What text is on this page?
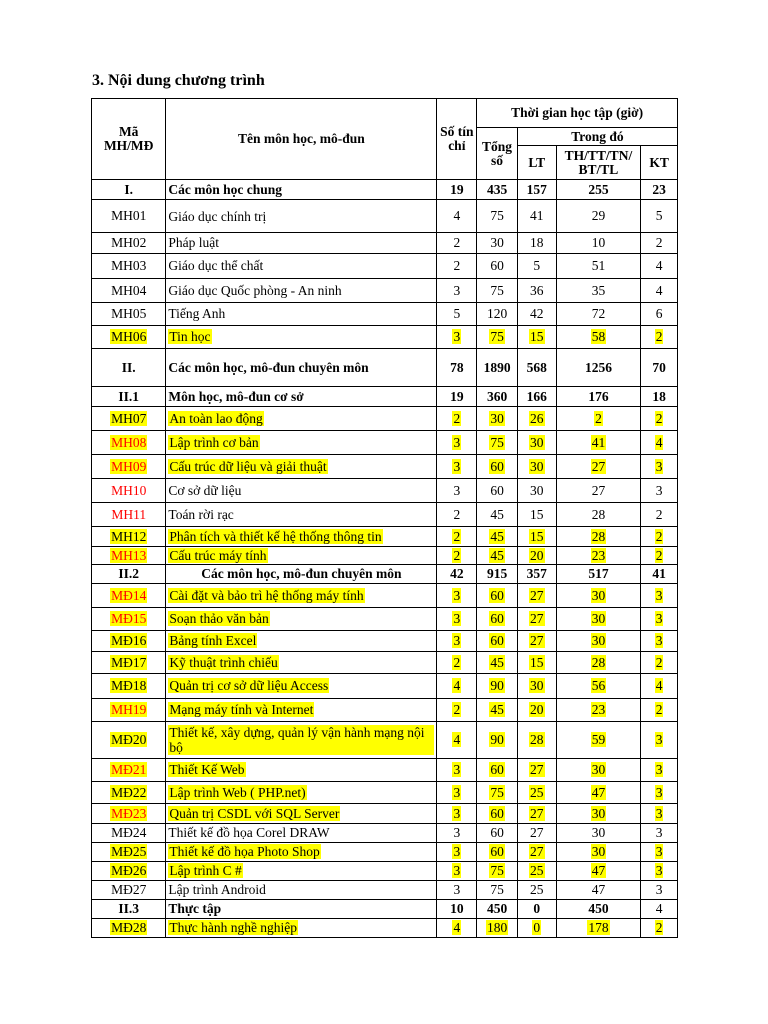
3. Nội dung chương trình
Mã MH/MĐ	Tên môn học, mô-đun	Số tín chỉ	Thời gian học tập (giờ)			
			Tổng số	Trong đó		
				LT	TH/TT/TN/ BT/TL	KT
I.	Các môn học chung	19	435	157	255	23
MH01	Giáo dục chính trị	4	75	41	29	5
MH02	Pháp luật	2	30	18	10	2
MH03	Giáo dục thể chất	2	60	5	51	4
MH04	Giáo dục Quốc phòng - An ninh	3	75	36	35	4
MH05	Tiếng Anh	5	120	42	72	6
MH06	Tin học	3	75	15	58	2
II.	Các môn học, mô-đun chuyên môn	78	1890	568	1256	70
II.1	Môn học, mô-đun cơ sở	19	360	166	176	18
MH07	An toàn lao động	2	30	26	2	2
MH08	Lập trình cơ bản	3	75	30	41	4
MH09	Cấu trúc dữ liệu và giải thuật	3	60	30	27	3
MH10	Cơ sở dữ liệu	3	60	30	27	3
MH11	Toán rời rạc	2	45	15	28	2
MH12	Phân tích và thiết kế hệ thống thông tin	2	45	15	28	2
MH13	Cấu trúc máy tính	2	45	20	23	2
II.2	Các môn học, mô-đun chuyên môn	42	915	357	517	41
MĐ14	Cài đặt và bảo trì hệ thống máy tính	3	60	27	30	3
MĐ15	Soạn thảo văn bản	3	60	27	30	3
MĐ16	Bảng tính Excel	3	60	27	30	3
MĐ17	Kỹ thuật trình chiếu	2	45	15	28	2
MĐ18	Quản trị cơ sở dữ liệu Access	4	90	30	56	4
MH19	Mạng máy tính và Internet	2	45	20	23	2
MĐ20	Thiết kế, xây dựng, quản lý vận hành mạng nội bộ	4	90	28	59	3
MĐ21	Thiết Kế Web	3	60	27	30	3
MĐ22	Lập trình Web ( PHP.net)	3	75	25	47	3
MĐ23	Quản trị CSDL với SQL Server	3	60	27	30	3
MĐ24	Thiết kế đồ họa Corel DRAW	3	60	27	30	3
MĐ25	Thiết kế đồ họa Photo Shop	3	60	27	30	3
MĐ26	Lập trình C #	3	75	25	47	3
MĐ27	Lập trình Android	3	75	25	47	3
II.3	Thực tập	10	450	0	450	4
MĐ28	Thực hành nghề nghiệp	4	180	0	178	2
